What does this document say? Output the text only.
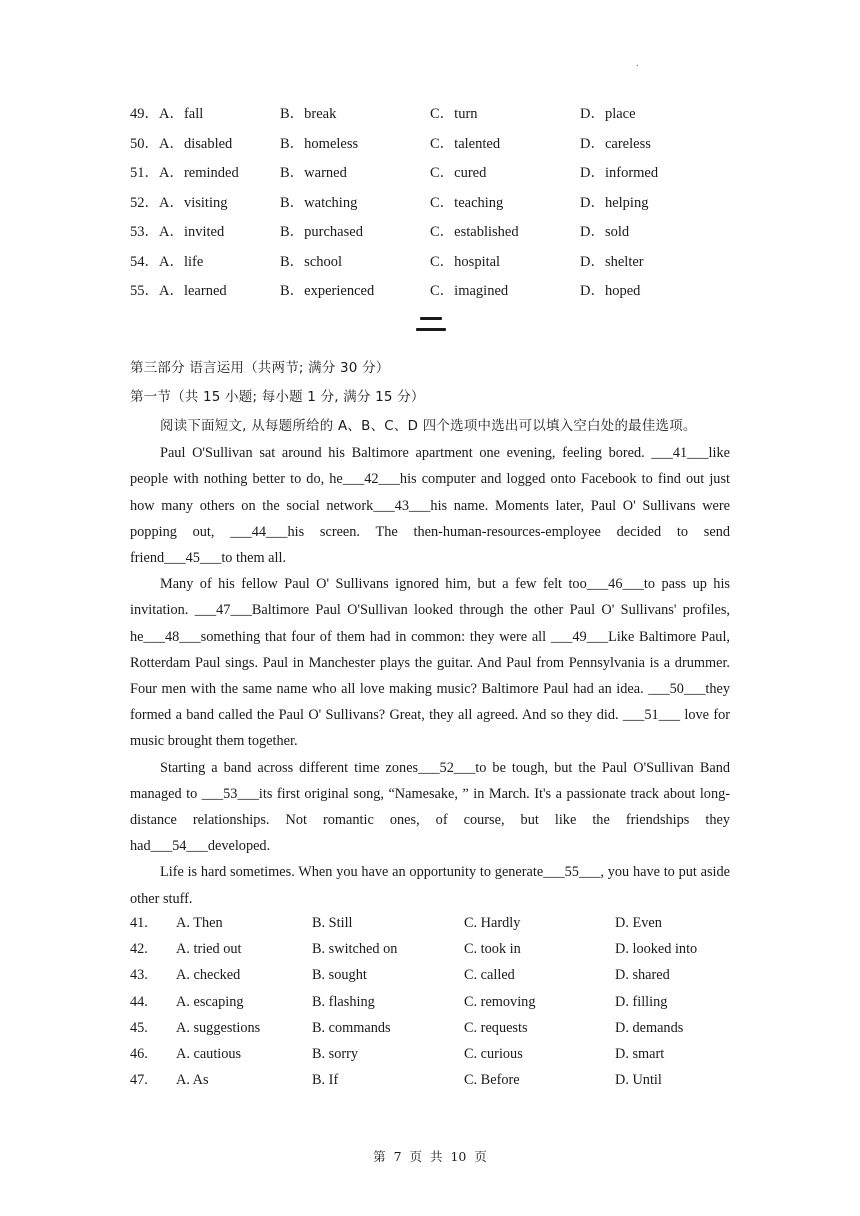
.
49．A．fall	B．break	C．turn	D．place
50．A．disabled	B．homeless	C．talented	D．careless
51．A．reminded	B．warned	C．cured	D．informed
52．A．visiting	B．watching	C．teaching	D．helping
53．A．invited	B．purchased	C．established	D．sold
54．A．life	B．school	C．hospital	D．shelter
55．A．learned	B．experienced	C．imagined	D．hoped
第三部分 语言运用（共两节; 满分 30 分）
第一节（共 15 小题; 每小题 1 分, 满分 15 分）

阅读下面短文, 从每题所给的 A、B、C、D 四个选项中选出可以填入空白处的最佳选项。

Paul O'Sullivan sat around his Baltimore apartment one evening, feeling bored. ___41___like people with nothing better to do, he___42___his computer and logged onto Facebook to find out just how many others on the social network___43___his name. Moments later, Paul O' Sullivans were popping out, ___44___his screen. The then-human-resources-employee decided to send friend___45___to them all.

Many of his fellow Paul O' Sullivans ignored him, but a few felt too___46___to pass up his invitation. ___47___Baltimore Paul O'Sullivan looked through the other Paul O' Sullivans' profiles, he___48___something that four of them had in common: they were all ___49___Like Baltimore Paul, Rotterdam Paul sings. Paul in Manchester plays the guitar. And Paul from Pennsylvania is a drummer. Four men with the same name who all love making music? Baltimore Paul had an idea. ___50___they formed a band called the Paul O' Sullivans? Great, they all agreed. And so they did. ___51___ love for music brought them together.

Starting a band across different time zones___52___to be tough, but the Paul O'Sullivan Band managed to ___53___its first original song, “Namesake, ” in March. It's a passionate track about long-distance relationships. Not romantic ones, of course, but like the friendships they had___54___developed.

Life is hard sometimes. When you have an opportunity to generate___55___, you have to put aside other stuff.

41.	A. Then	B. Still	C. Hardly	D. Even
42.	A. tried out	B. switched on	C. took in	D. looked into
43.	A. checked	B. sought	C. called	D. shared
44.	A. escaping	B. flashing	C. removing	D. filling
45.	A. suggestions	B. commands	C. requests	D. demands
46.	A. cautious	B. sorry	C. curious	D. smart
47.	A. As	B. If	C. Before	D. Until
第 7 页 共 10 页
